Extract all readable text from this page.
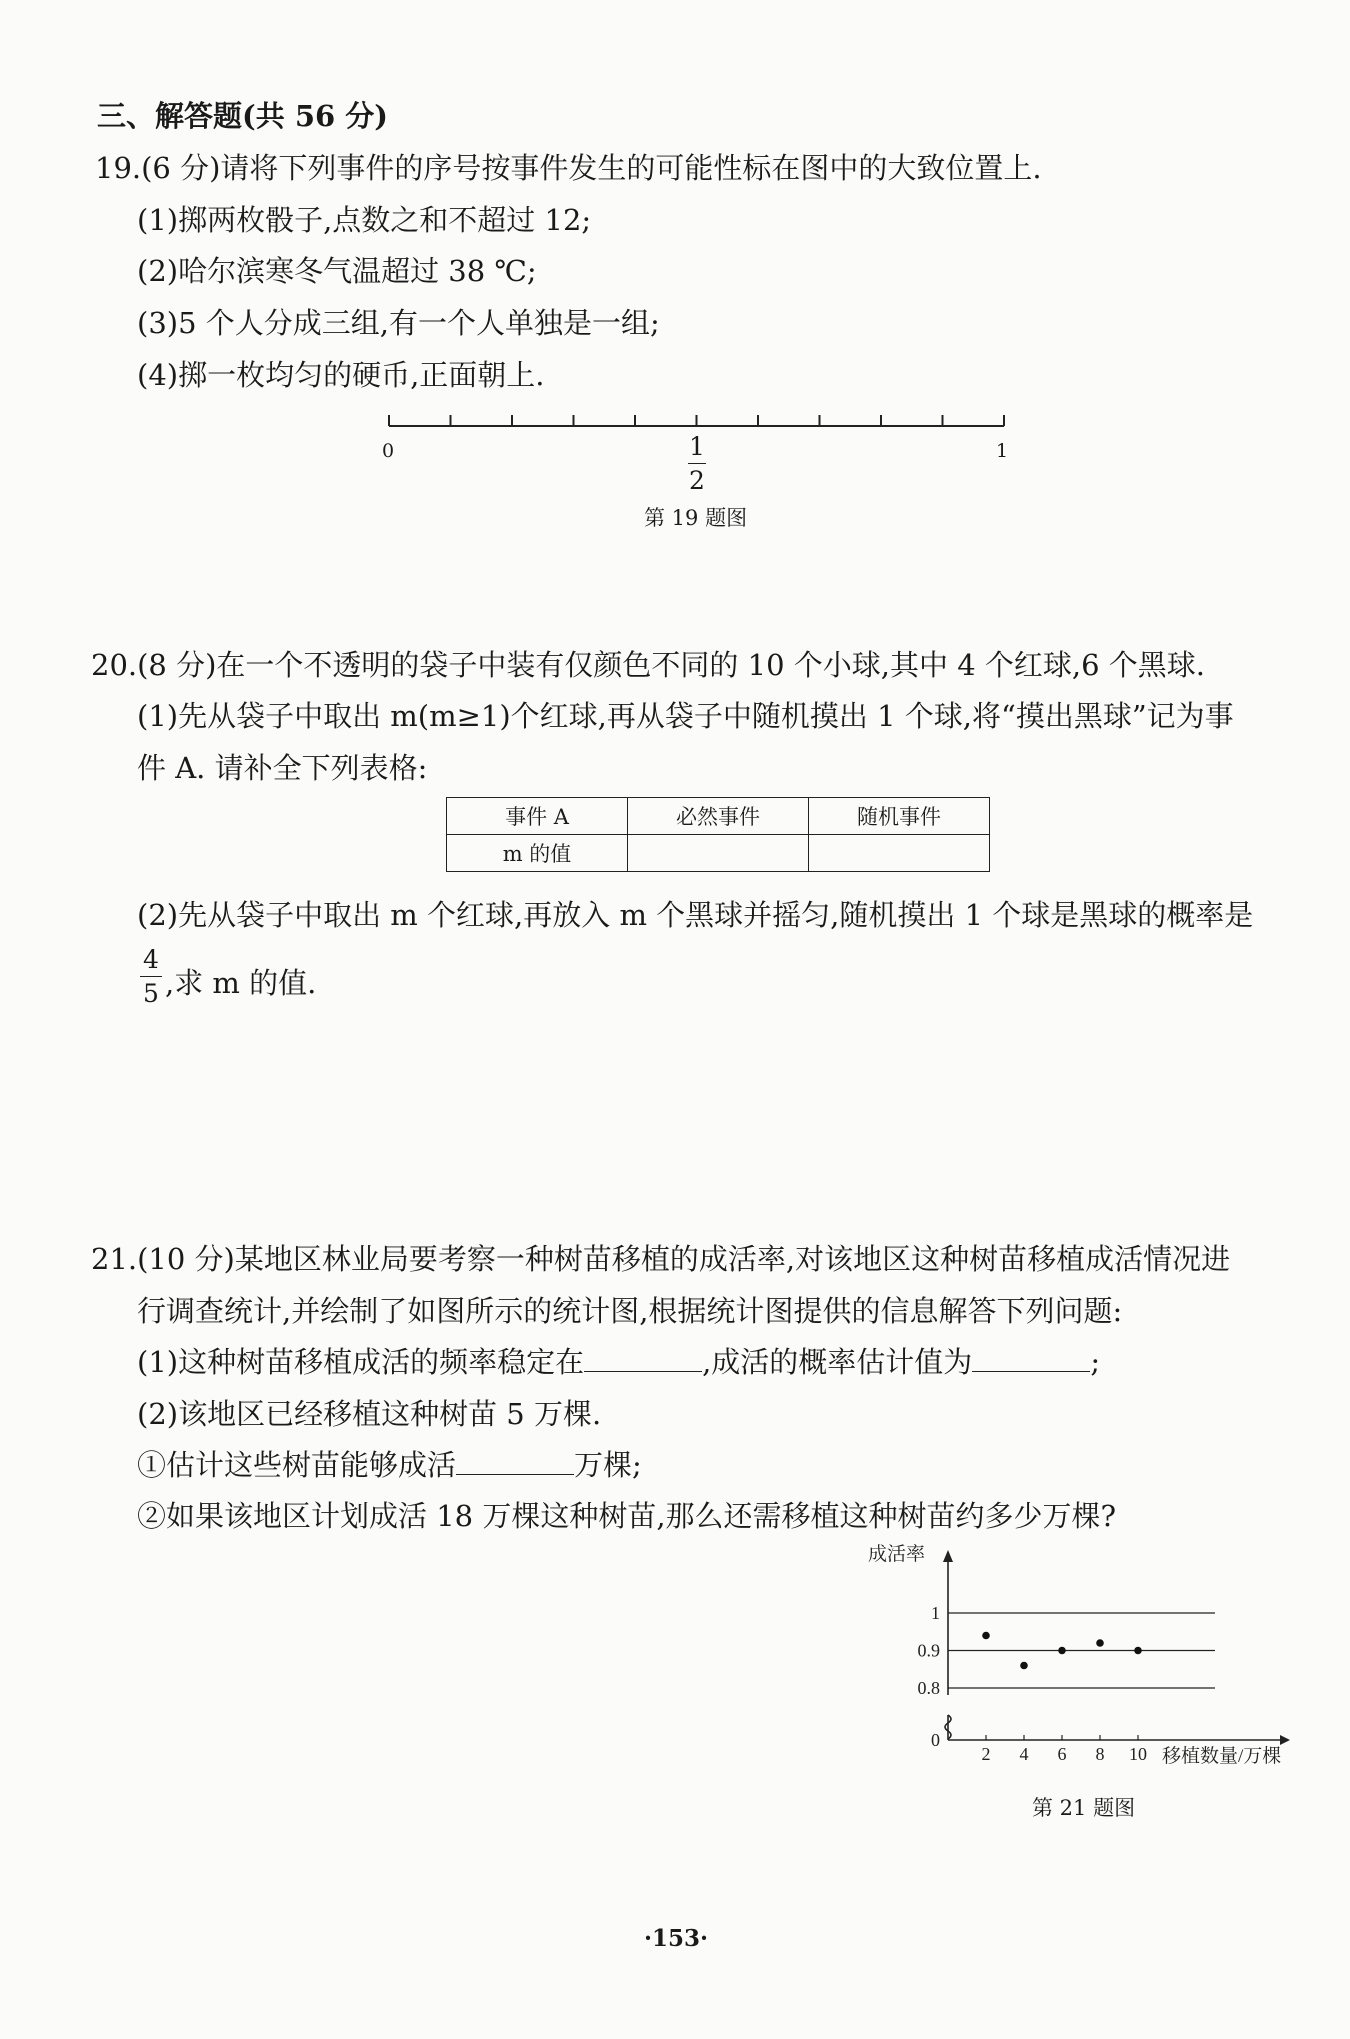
三、解答题(共 56 分)
19.(6 分)请将下列事件的序号按事件发生的可能性标在图中的大致位置上.
(1)掷两枚骰子,点数之和不超过 12;
(2)哈尔滨寒冬气温超过 38 ℃;
(3)5 个人分成三组,有一个人单独是一组;
(4)掷一枚均匀的硬币,正面朝上.
0	1
1
2
第 19 题图
20.(8 分)在一个不透明的袋子中装有仅颜色不同的 10 个小球,其中 4 个红球,6 个黑球.
(1)先从袋子中取出 m(m≥1)个红球,再从袋子中随机摸出 1 个球,将“摸出黑球”记为事
件 A. 请补全下列表格:
事件 A	必然事件	随机事件
m 的值		
(2)先从袋子中取出 m 个红球,再放入 m 个黑球并摇匀,随机摸出 1 个球是黑球的概率是
4
5 ,求 m 的值.
21.(10 分)某地区林业局要考察一种树苗移植的成活率,对该地区这种树苗移植成活情况进
行调查统计,并绘制了如图所示的统计图,根据统计图提供的信息解答下列问题:
(1)这种树苗移植成活的频率稳定在	,成活的概率估计值为	;
(2)该地区已经移植这种树苗 5 万棵.
①估计这些树苗能够成活	万棵;
②如果该地区计划成活 18 万棵这种树苗,那么还需移植这种树苗约多少万棵?
0
0.8
0.9
1
2 4 6 8 10
成活率
移植数量/万棵
第 21 题图
·153·
